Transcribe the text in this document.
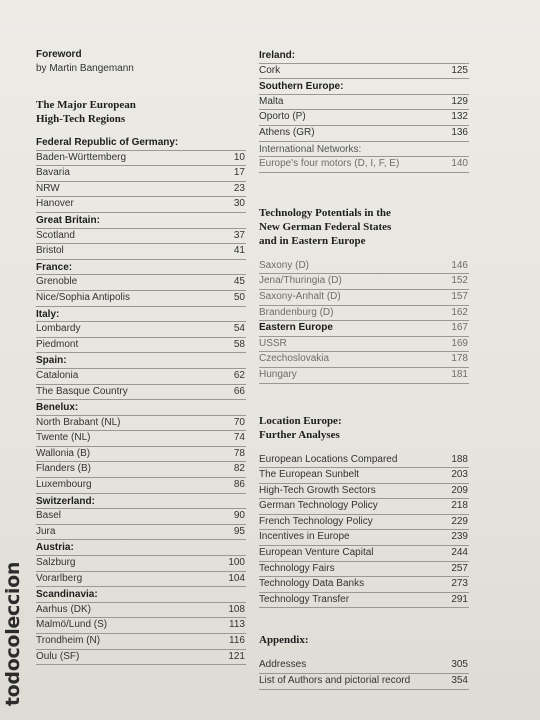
Foreword
by Martin Bangemann
The Major European
High-Tech Regions
Federal Republic of Germany:
Baden-Württemberg	10
Bavaria	17
NRW	23
Hanover	30
Great Britain:
Scotland	37
Bristol	41
France:
Grenoble	45
Nice/Sophia Antipolis	50
Italy:
Lombardy	54
Piedmont	58
Spain:
Catalonia	62
The Basque Country	66
Benelux:
North Brabant (NL)	70
Twente (NL)	74
Wallonia (B)	78
Flanders (B)	82
Luxembourg	86
Switzerland:
Basel	90
Jura	95
Austria:
Salzburg	100
Vorarlberg	104
Scandinavia:
Aarhus (DK)	108
Malmö/Lund (S)	113
Trondheim (N)	116
Oulu (SF)	121
Ireland:
Cork	125
Southern Europe:
Malta	129
Oporto (P)	132
Athens (GR)	136
International Networks:
Europe's four motors (D, I, F, E)	140
Technology Potentials in the
New German Federal States
and in Eastern Europe
Saxony (D)	146
Jena/Thuringia (D)	152
Saxony-Anhalt (D)	157
Brandenburg (D)	162
Eastern Europe	167
USSR	169
Czechoslovakia	178
Hungary	181
Location Europe:
Further Analyses
European Locations Compared	188
The European Sunbelt	203
High-Tech Growth Sectors	209
German Technology Policy	218
French Technology Policy	229
Incentives in Europe	239
European Venture Capital	244
Technology Fairs	257
Technology Data Banks	273
Technology Transfer	291
Appendix:
Addresses	305
List of Authors and pictorial record	354
todocoleccion
